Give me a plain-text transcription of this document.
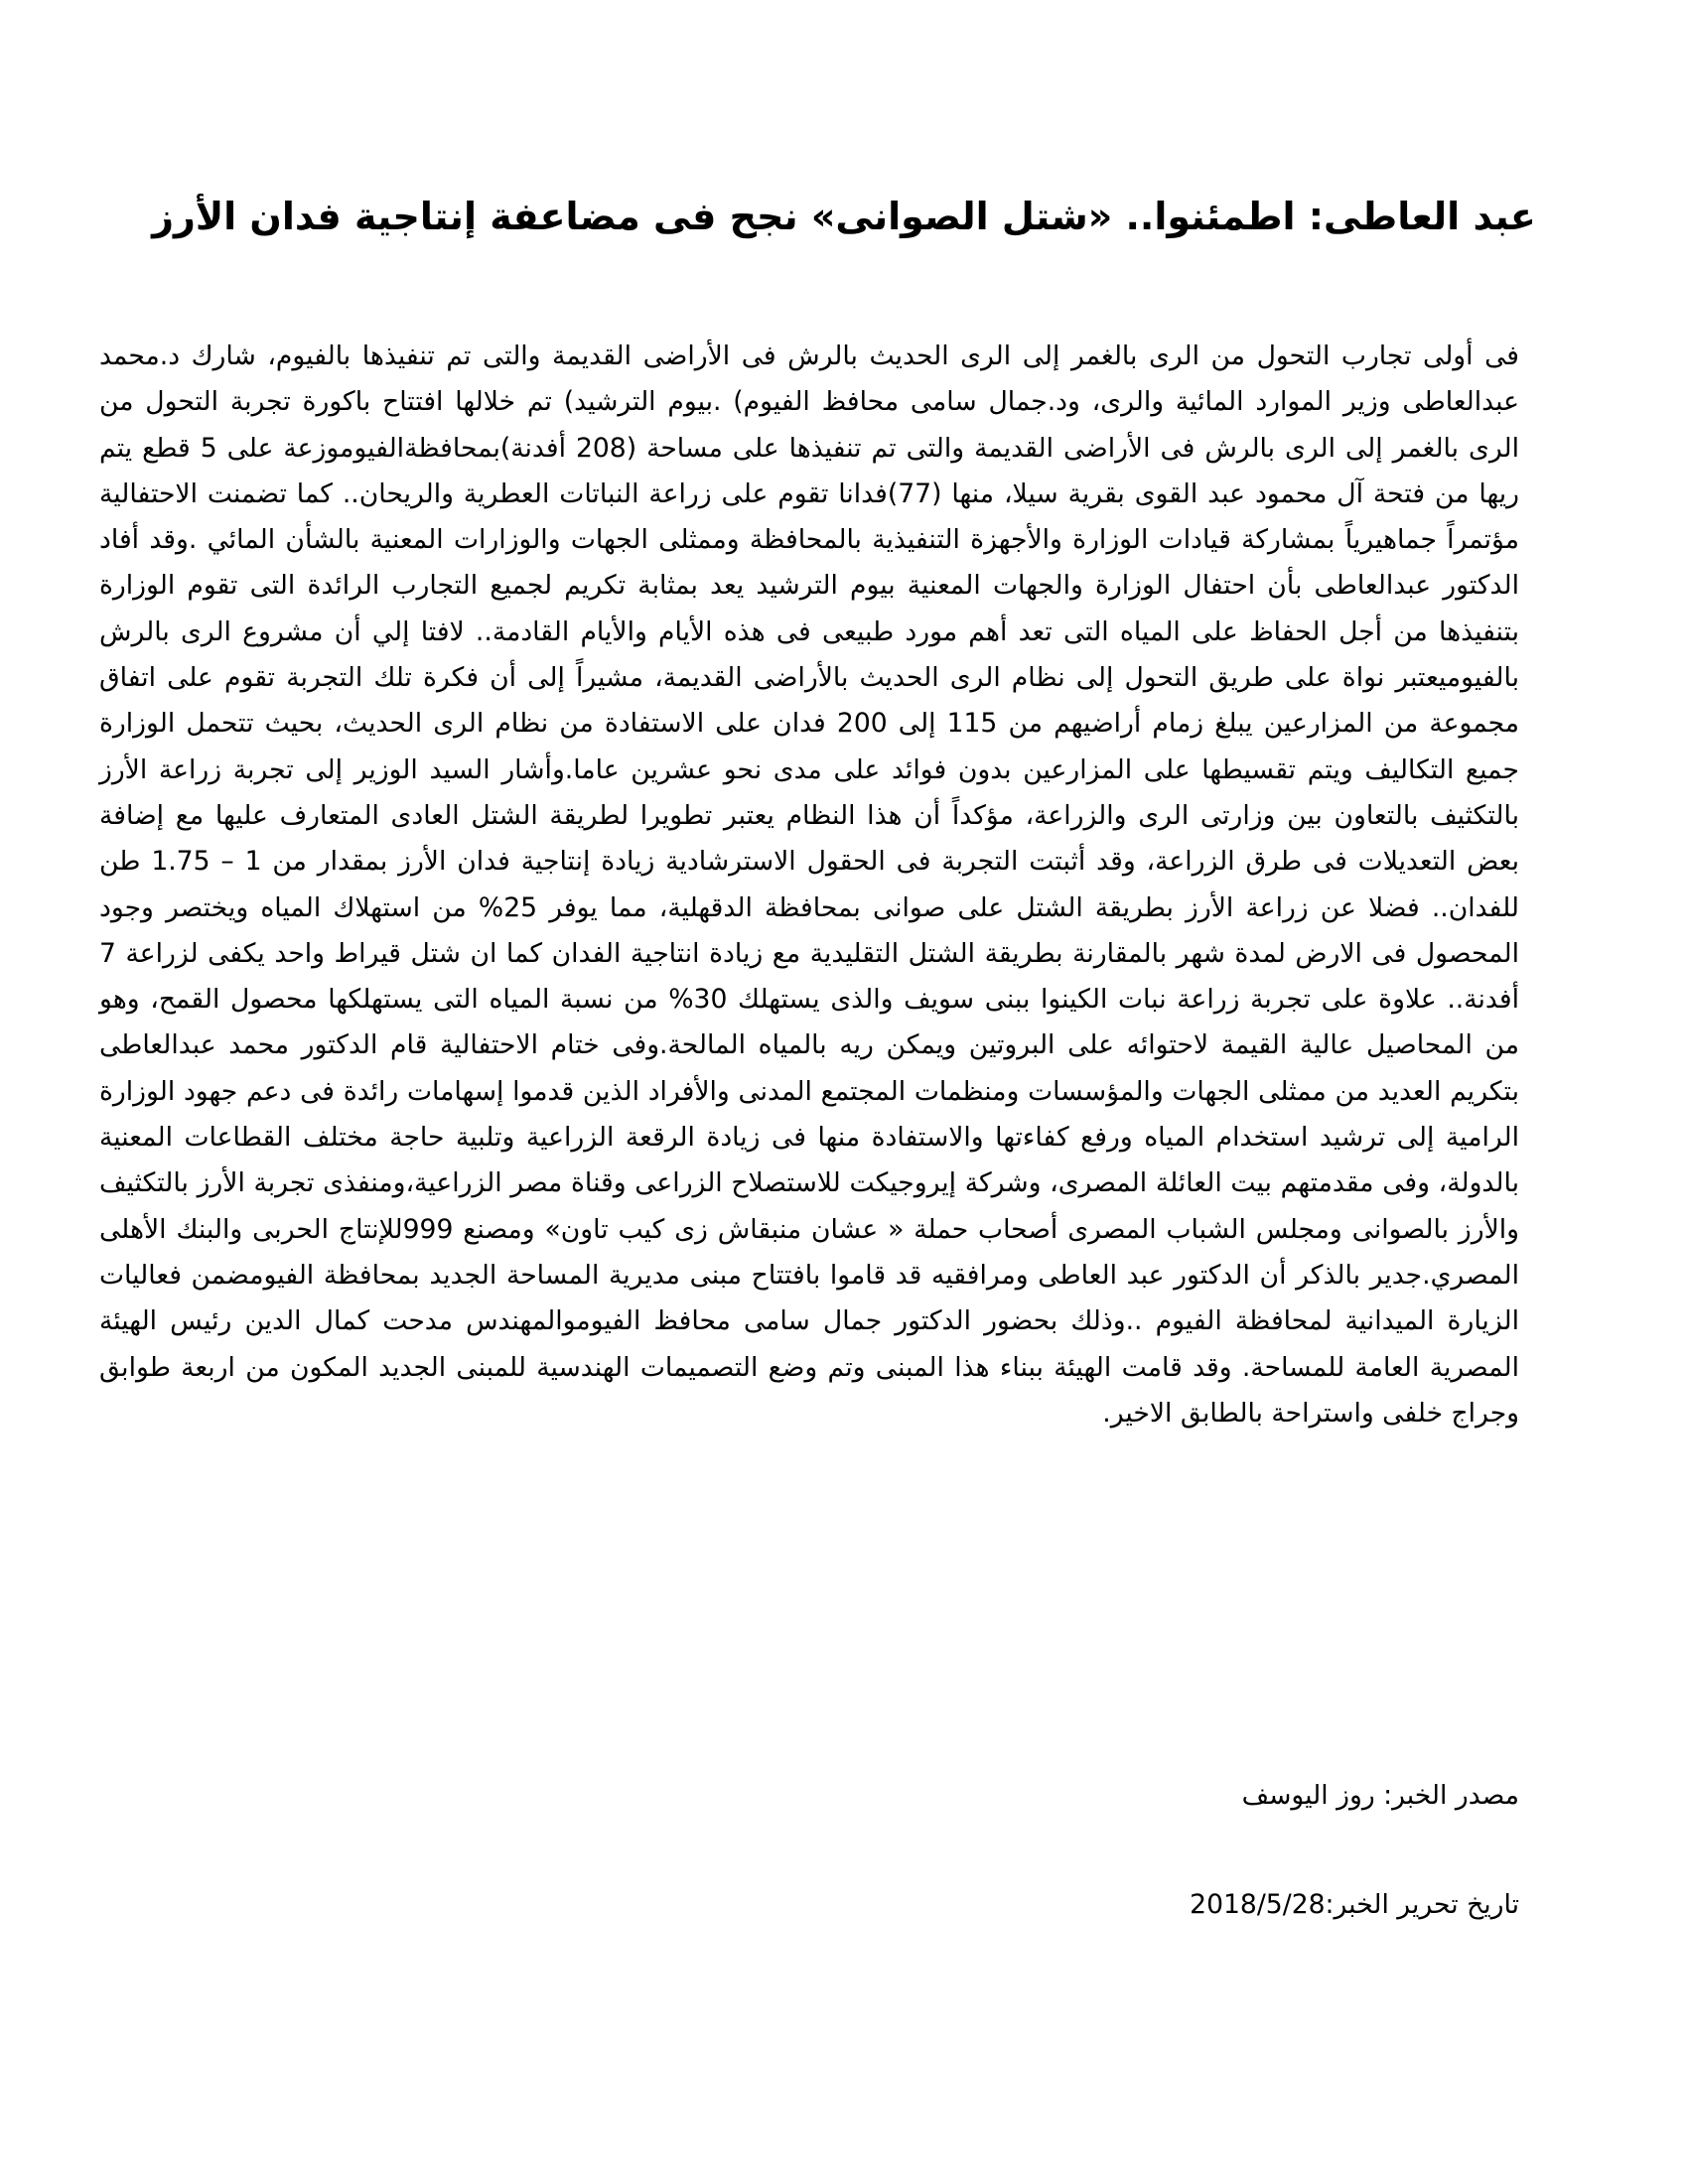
عبد العاطى: اطمئنوا.. «شتل الصوانى» نجح فى مضاعفة إنتاجية فدان الأرز

فى أولى تجارب التحول من الرى بالغمر إلى الرى الحديث بالرش فى الأراضى القديمة والتى تم تنفيذها بالفيوم، شارك د.محمد عبدالعاطى وزير الموارد المائية والرى، ود.جمال سامى محافظ الفيوم) .بيوم الترشيد) تم خلالها افتتاح باكورة تجربة التحول من الرى بالغمر إلى الرى بالرش فى الأراضى القديمة والتى تم تنفيذها على مساحة (208 أفدنة)بمحافظةالفيوموزعة على 5 قطع يتم ريها من فتحة آل محمود عبد القوى بقرية سيلا، منها (77)فدانا تقوم على زراعة النباتات العطرية والريحان.. كما تضمنت الاحتفالية مؤتمراً جماهيرياً بمشاركة قيادات الوزارة والأجهزة التنفيذية بالمحافظة وممثلى الجهات والوزارات المعنية بالشأن المائي .وقد أفاد الدكتور عبدالعاطى بأن احتفال الوزارة والجهات المعنية بيوم الترشيد يعد بمثابة تكريم لجميع التجارب الرائدة التى تقوم الوزارة بتنفيذها من أجل الحفاظ على المياه التى تعد أهم مورد طبيعى فى هذه الأيام والأيام القادمة.. لافتا إلي أن مشروع الرى بالرش بالفيوميعتبر نواة على طريق التحول إلى نظام الرى الحديث بالأراضى القديمة، مشيراً إلى أن فكرة تلك التجربة تقوم على اتفاق مجموعة من المزارعين يبلغ زمام أراضيهم من 115 إلى 200 فدان على الاستفادة من نظام الرى الحديث، بحيث تتحمل الوزارة جميع التكاليف ويتم تقسيطها على المزارعين بدون فوائد على مدى نحو عشرين عاما.وأشار السيد الوزير إلى تجربة زراعة الأرز بالتكثيف بالتعاون بين وزارتى الرى والزراعة، مؤكداً أن هذا النظام يعتبر تطويرا لطريقة الشتل العادى المتعارف عليها مع إضافة بعض التعديلات فى طرق الزراعة، وقد أثبتت التجربة فى الحقول الاسترشادية زيادة إنتاجية فدان الأرز بمقدار من 1 – 1.75 طن للفدان.. فضلا عن زراعة الأرز بطريقة الشتل على صوانى بمحافظة الدقهلية، مما يوفر 25% من استهلاك المياه ويختصر وجود المحصول فى الارض لمدة شهر بالمقارنة بطريقة الشتل التقليدية مع زيادة انتاجية الفدان كما ان شتل قيراط واحد يكفى لزراعة 7 أفدنة.. علاوة على تجربة زراعة نبات الكينوا ببنى سويف والذى يستهلك 30% من نسبة المياه التى يستهلكها محصول القمح، وهو من المحاصيل عالية القيمة لاحتوائه على البروتين ويمكن ريه بالمياه المالحة.وفى ختام الاحتفالية قام الدكتور محمد عبدالعاطى بتكريم العديد من ممثلى الجهات والمؤسسات ومنظمات المجتمع المدنى والأفراد الذين قدموا إسهامات رائدة فى دعم جهود الوزارة الرامية إلى ترشيد استخدام المياه ورفع كفاءتها والاستفادة منها فى زيادة الرقعة الزراعية وتلبية حاجة مختلف القطاعات المعنية بالدولة، وفى مقدمتهم بيت العائلة المصرى، وشركة إيروجيكت للاستصلاح الزراعى وقناة مصر الزراعية،ومنفذى تجربة الأرز بالتكثيف والأرز بالصوانى ومجلس الشباب المصرى أصحاب حملة « عشان منبقاش زى كيب تاون» ومصنع 999للإنتاج الحربى والبنك الأهلى المصري.جدير بالذكر أن الدكتور عبد العاطى ومرافقيه قد قاموا بافتتاح مبنى مديرية المساحة الجديد بمحافظة الفيومضمن فعاليات الزيارة الميدانية لمحافظة الفيوم ..وذلك بحضور الدكتور جمال سامى محافظ الفيوموالمهندس مدحت كمال الدين رئيس الهيئة المصرية العامة للمساحة. وقد قامت الهيئة ببناء هذا المبنى وتم وضع التصميمات الهندسية للمبنى الجديد المكون من اربعة طوابق وجراج خلفى واستراحة بالطابق الاخير.

مصدر الخبر: روز اليوسف

تاريخ تحرير الخبر:2018/5/28
